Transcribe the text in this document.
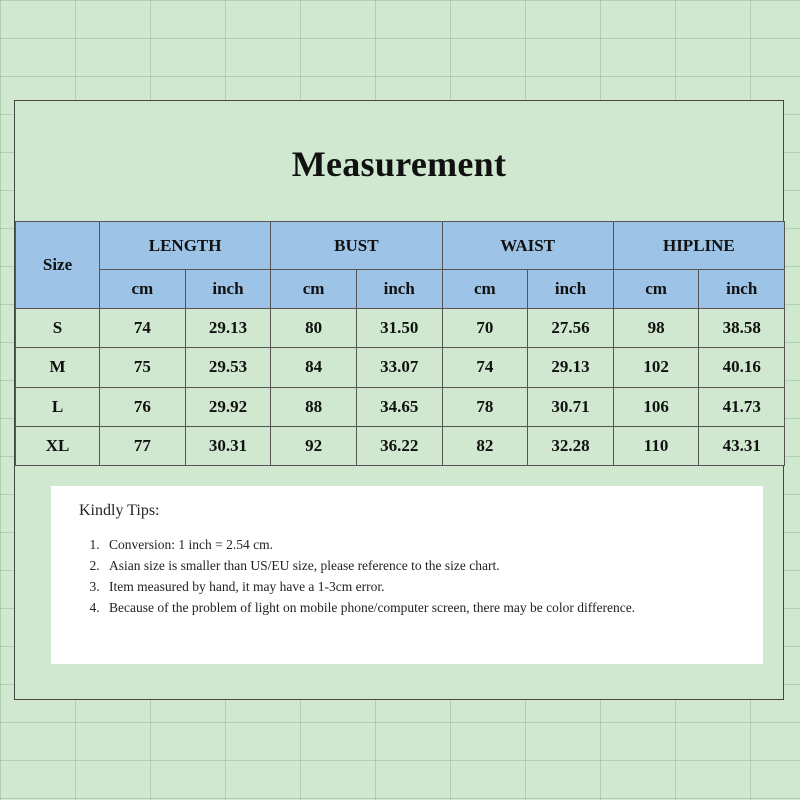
Measurement
Size	LENGTH		BUST		WAIST		HIPLINE	
	cm	inch	cm	inch	cm	inch	cm	inch
S	74	29.13	80	31.50	70	27.56	98	38.58
M	75	29.53	84	33.07	74	29.13	102	40.16
L	76	29.92	88	34.65	78	30.71	106	41.73
XL	77	30.31	92	36.22	82	32.28	110	43.31
Kindly Tips:
1. Conversion: 1 inch = 2.54 cm.
2. Asian size is smaller than US/EU size, please reference to the size chart.
3. Item measured by hand, it may have a 1-3cm error.
4. Because of the problem of light on mobile phone/computer screen, there may be color difference.
